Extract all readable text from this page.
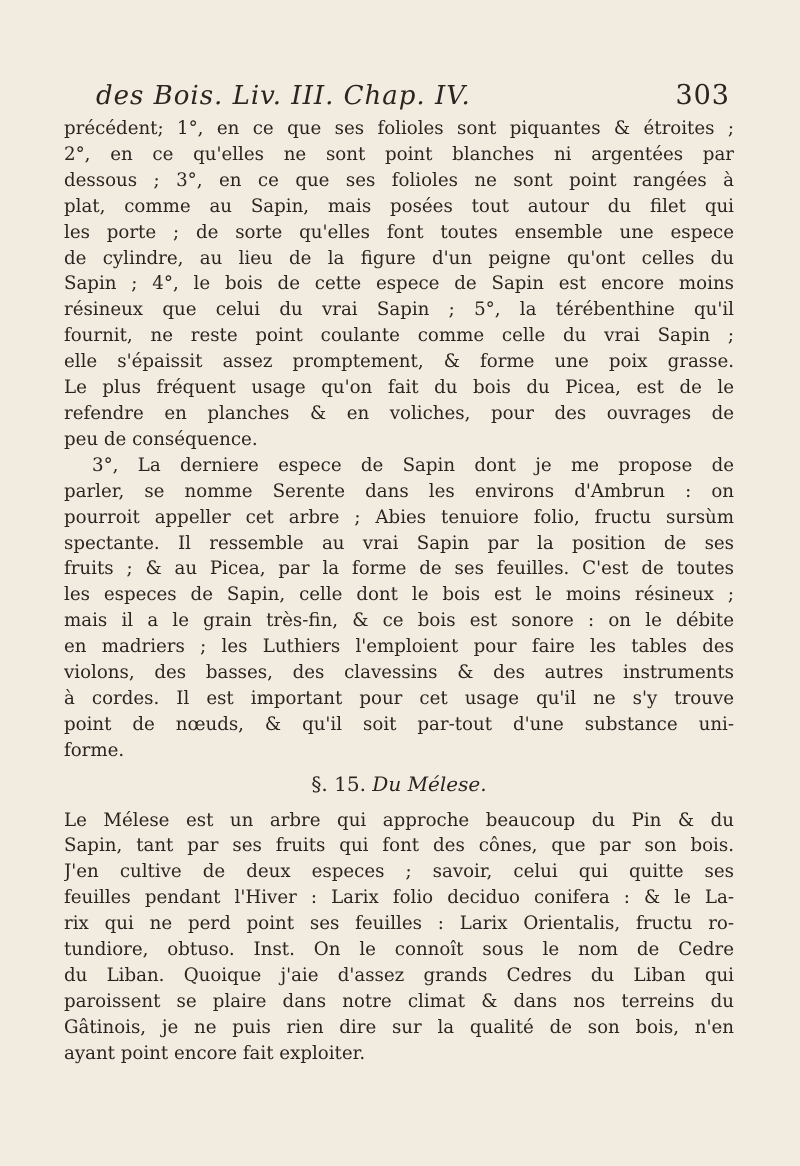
des Bois. Liv. III. Chap. IV.	303

précédent; 1°, en ce que ses folioles sont piquantes & étroites ;
2°, en ce qu'elles ne sont point blanches ni argentées par
dessous ; 3°, en ce que ses folioles ne sont point rangées à
plat, comme au Sapin, mais posées tout autour du filet qui
les porte ; de sorte qu'elles font toutes ensemble une espece
de cylindre, au lieu de la figure d'un peigne qu'ont celles du
Sapin ; 4°, le bois de cette espece de Sapin est encore moins
résineux que celui du vrai Sapin ; 5°, la térébenthine qu'il
fournit, ne reste point coulante comme celle du vrai Sapin ;
elle s'épaissit assez promptement, & forme une poix grasse.
Le plus fréquent usage qu'on fait du bois du Picea, est de le
refendre en planches & en voliches, pour des ouvrages de
peu de conséquence.

3°, La derniere espece de Sapin dont je me propose de
parler, se nomme Serente dans les environs d'Ambrun : on
pourroit appeller cet arbre ; Abies tenuiore folio, fructu sursùm
spectante. Il ressemble au vrai Sapin par la position de ses
fruits ; & au Picea, par la forme de ses feuilles. C'est de toutes
les especes de Sapin, celle dont le bois est le moins résineux ;
mais il a le grain très-fin, & ce bois est sonore : on le débite
en madriers ; les Luthiers l'emploient pour faire les tables des
violons, des basses, des clavessins & des autres instruments
à cordes. Il est important pour cet usage qu'il ne s'y trouve
point de nœuds, & qu'il soit par-tout d'une substance uni-
forme.

§. 15. Du Mélese.

Le Mélese est un arbre qui approche beaucoup du Pin & du
Sapin, tant par ses fruits qui font des cônes, que par son bois.
J'en cultive de deux especes ; savoir, celui qui quitte ses
feuilles pendant l'Hiver : Larix folio deciduo conifera : & le La-
rix qui ne perd point ses feuilles : Larix Orientalis, fructu ro-
tundiore, obtuso. Inst. On le connoît sous le nom de Cedre
du Liban. Quoique j'aie d'assez grands Cedres du Liban qui
paroissent se plaire dans notre climat & dans nos terreins du
Gâtinois, je ne puis rien dire sur la qualité de son bois, n'en
ayant point encore fait exploiter.
